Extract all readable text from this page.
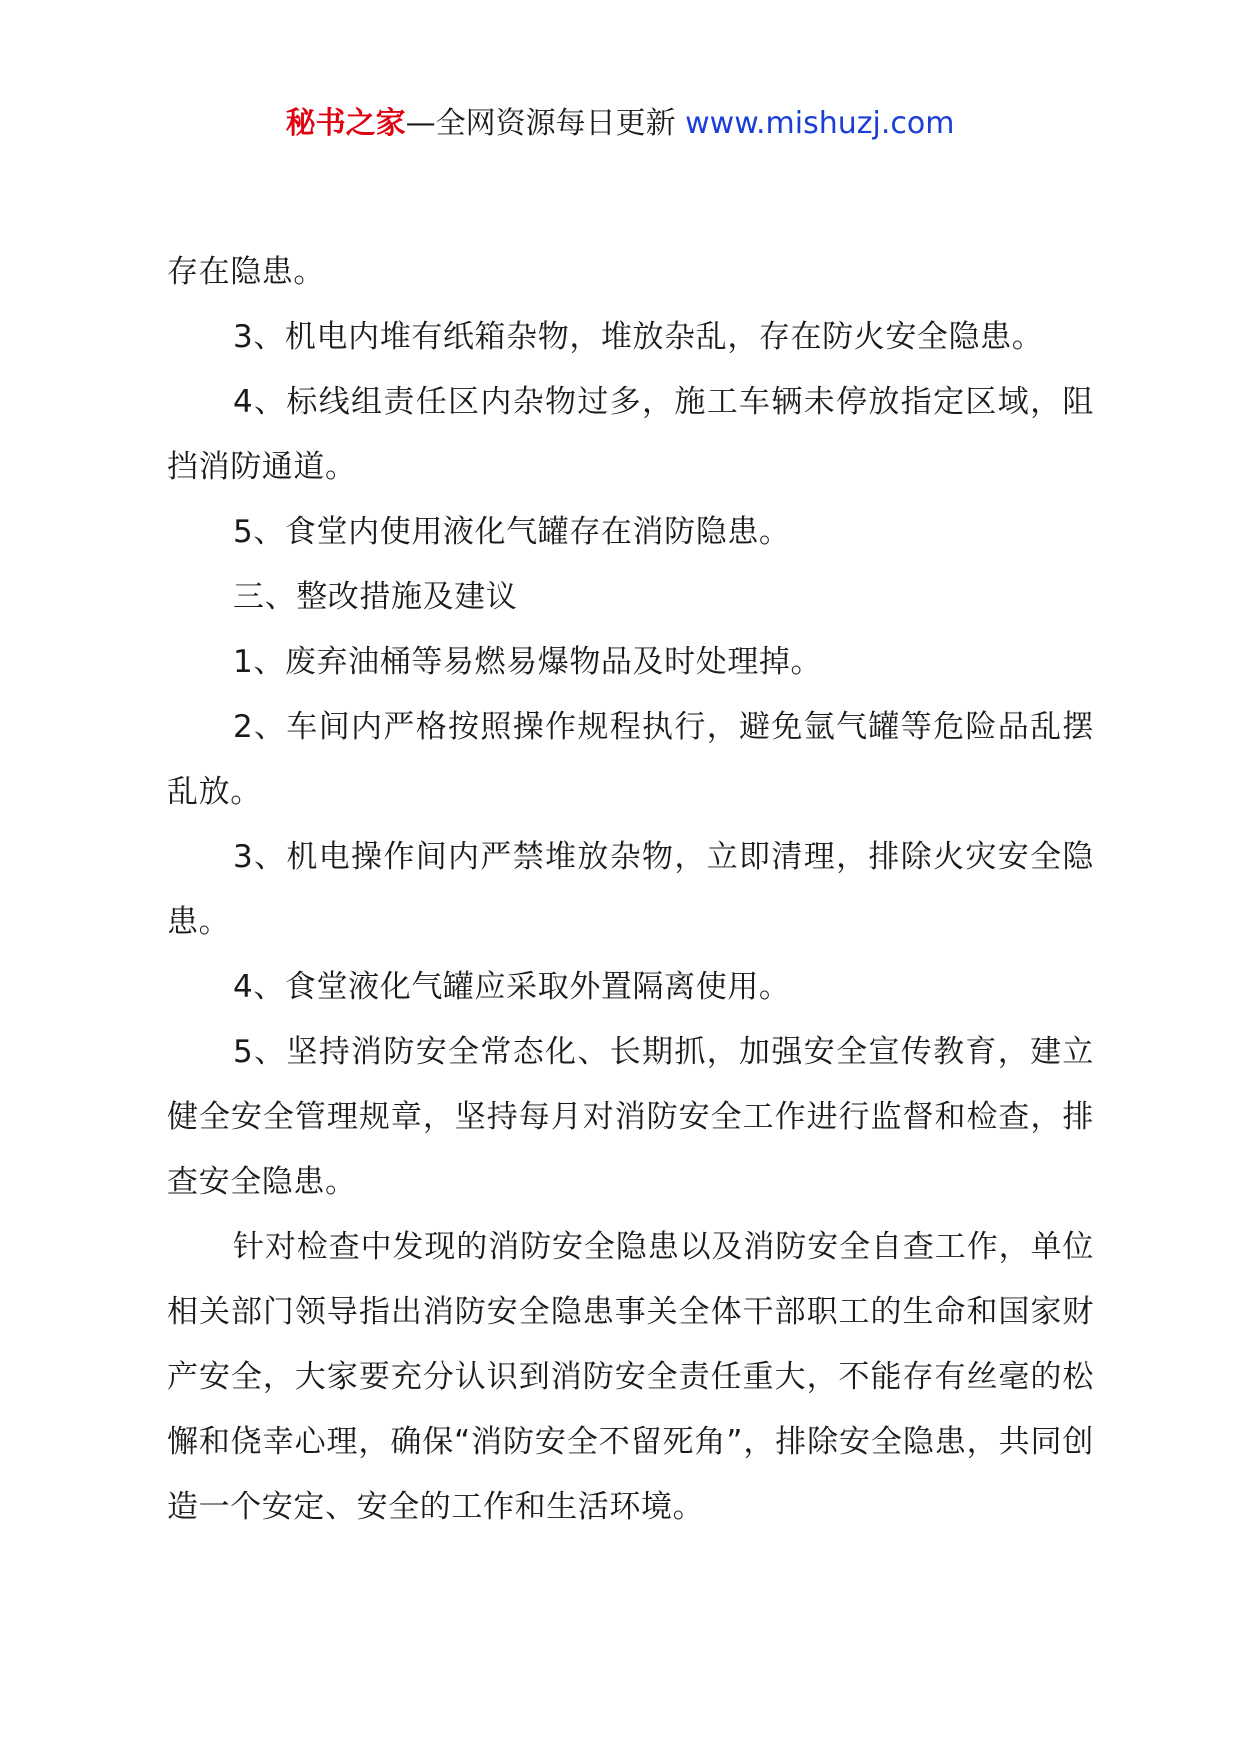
秘书之家—全网资源每日更新 www.mishuzj.com

存在隐患。

3、机电内堆有纸箱杂物，堆放杂乱，存在防火安全隐患。

4、标线组责任区内杂物过多，施工车辆未停放指定区域，阻挡消防通道。

5、食堂内使用液化气罐存在消防隐患。

三、整改措施及建议

1、废弃油桶等易燃易爆物品及时处理掉。

2、车间内严格按照操作规程执行，避免氩气罐等危险品乱摆乱放。

3、机电操作间内严禁堆放杂物，立即清理，排除火灾安全隐患。

4、食堂液化气罐应采取外置隔离使用。

5、坚持消防安全常态化、长期抓，加强安全宣传教育，建立健全安全管理规章，坚持每月对消防安全工作进行监督和检查，排查安全隐患。

针对检查中发现的消防安全隐患以及消防安全自查工作，单位相关部门领导指出消防安全隐患事关全体干部职工的生命和国家财产安全，大家要充分认识到消防安全责任重大，不能存有丝毫的松懈和侥幸心理，确保“消防安全不留死角”，排除安全隐患，共同创造一个安定、安全的工作和生活环境。
